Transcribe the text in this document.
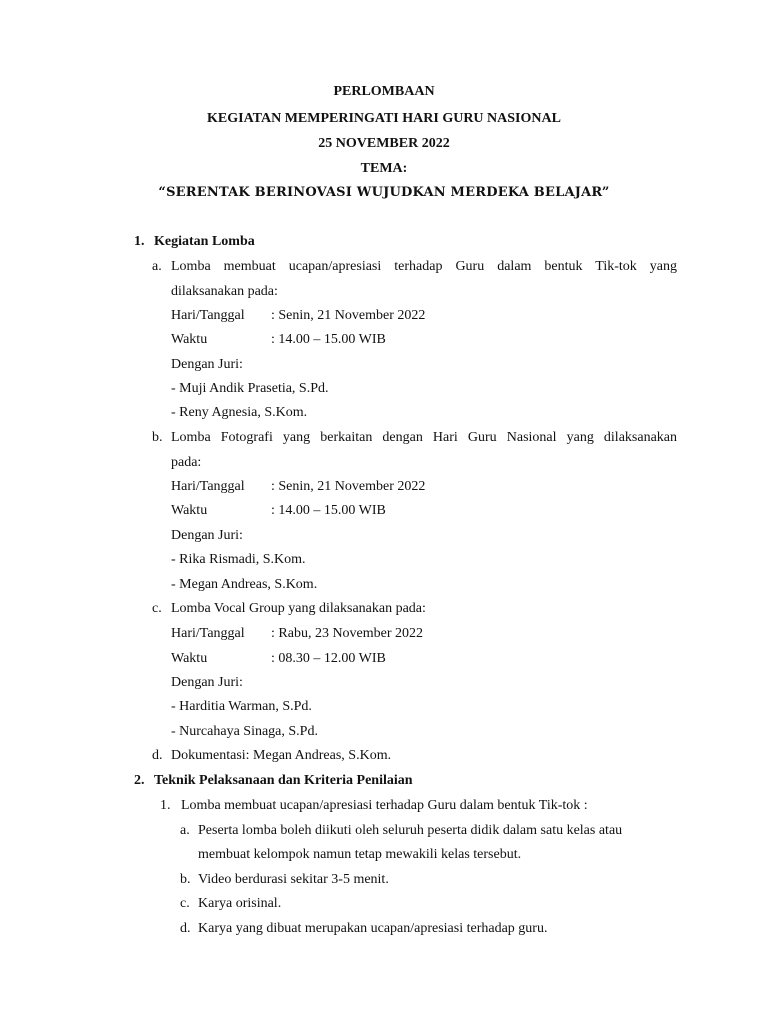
PERLOMBAAN
KEGIATAN MEMPERINGATI HARI GURU NASIONAL
25 NOVEMBER 2022
TEMA:
“SERENTAK BERINOVASI WUJUDKAN MERDEKA BELAJAR”
1. Kegiatan Lomba
a. Lomba membuat ucapan/apresiasi terhadap Guru dalam bentuk Tik-tok yang
dilaksanakan pada:
Hari/Tanggal : Senin, 21 November 2022
Waktu	: 14.00 – 15.00 WIB
Dengan Juri:
- Muji Andik Prasetia, S.Pd.
- Reny Agnesia, S.Kom.
b. Lomba Fotografi yang berkaitan dengan Hari Guru Nasional yang dilaksanakan
pada:
Hari/Tanggal : Senin, 21 November 2022
Waktu	: 14.00 – 15.00 WIB
Dengan Juri:
- Rika Rismadi, S.Kom.
- Megan Andreas, S.Kom.
c. Lomba Vocal Group yang dilaksanakan pada:
Hari/Tanggal : Rabu, 23 November 2022
Waktu	: 08.30 – 12.00 WIB
Dengan Juri:
- Harditia Warman, S.Pd.
- Nurcahaya Sinaga, S.Pd.
d. Dokumentasi: Megan Andreas, S.Kom.
2. Teknik Pelaksanaan dan Kriteria Penilaian
1. Lomba membuat ucapan/apresiasi terhadap Guru dalam bentuk Tik-tok :
a. Peserta lomba boleh diikuti oleh seluruh peserta didik dalam satu kelas atau
membuat kelompok namun tetap mewakili kelas tersebut.
b. Video berdurasi sekitar 3-5 menit.
c. Karya orisinal.
d. Karya yang dibuat merupakan ucapan/apresiasi terhadap guru.
